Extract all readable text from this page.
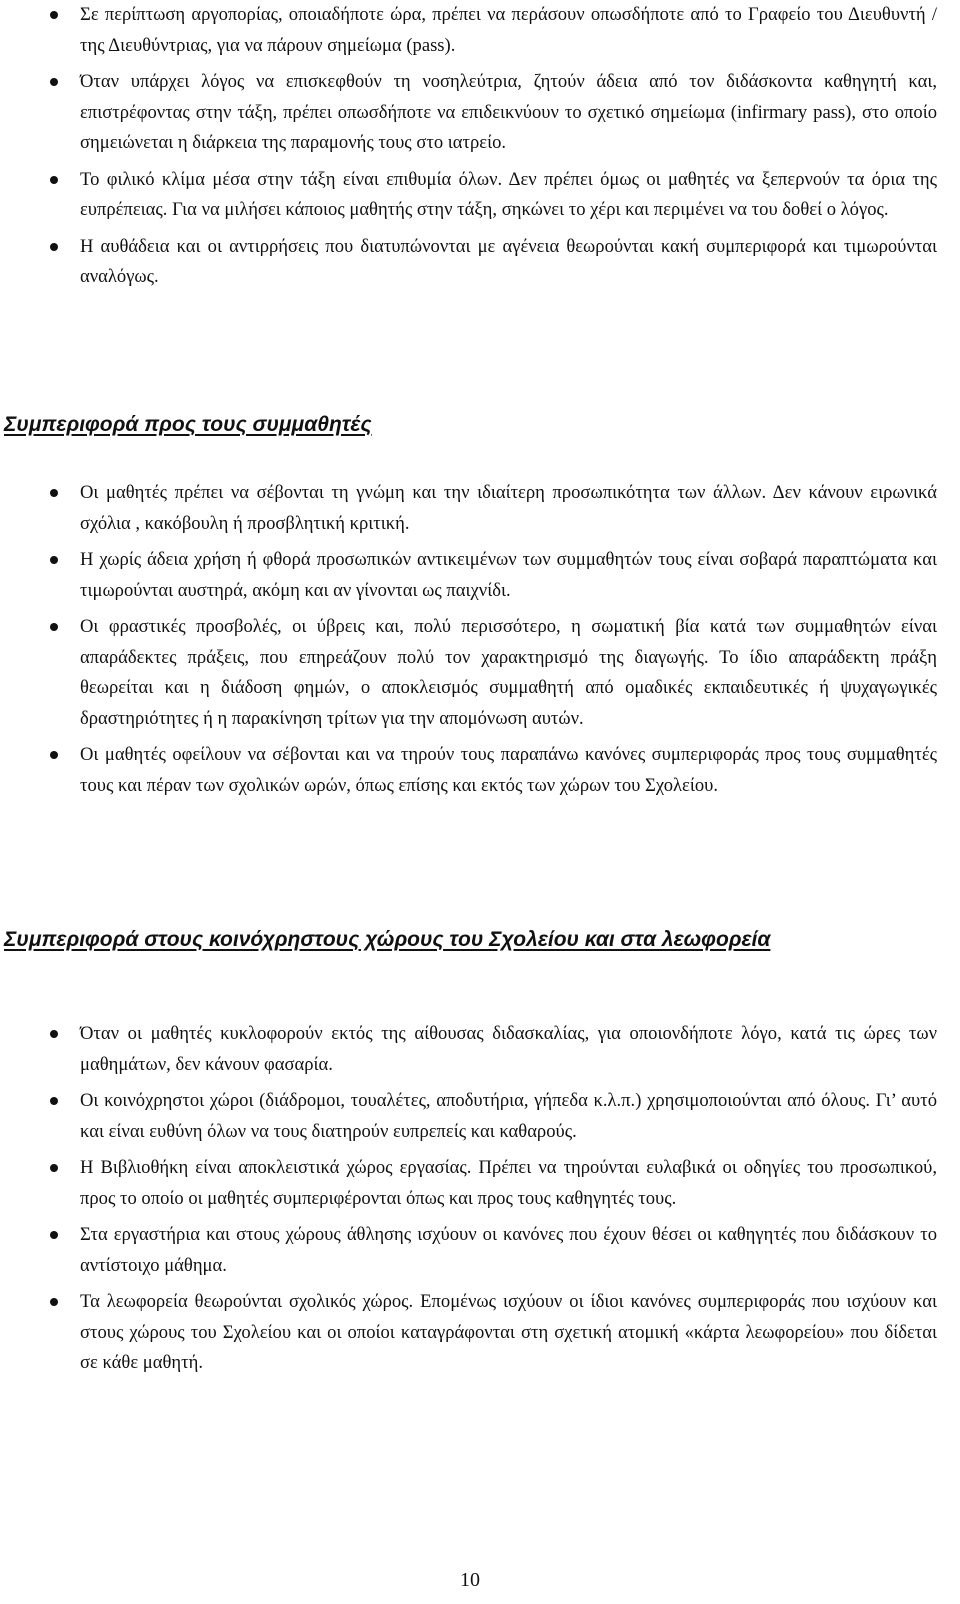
Σε περίπτωση αργοπορίας, οποιαδήποτε ώρα, πρέπει να περάσουν οπωσδήποτε από το Γραφείο του Διευθυντή / της Διευθύντριας, για να πάρουν σημείωμα (pass).
Όταν υπάρχει λόγος να επισκεφθούν τη νοσηλεύτρια, ζητούν άδεια από τον διδάσκοντα καθηγητή και, επιστρέφοντας στην τάξη, πρέπει οπωσδήποτε να επιδεικνύουν το σχετικό σημείωμα (infirmary pass), στο οποίο σημειώνεται η διάρκεια της παραμονής τους στο ιατρείο.
Το φιλικό κλίμα μέσα στην τάξη είναι επιθυμία όλων. Δεν πρέπει όμως οι μαθητές να ξεπερνούν τα όρια της ευπρέπειας. Για να μιλήσει κάποιος μαθητής στην τάξη, σηκώνει το χέρι και περιμένει να του δοθεί ο λόγος.
Η αυθάδεια και οι αντιρρήσεις που διατυπώνονται με αγένεια θεωρούνται κακή συμπεριφορά και τιμωρούνται αναλόγως.
Συμπεριφορά προς τους συμμαθητές
Οι μαθητές πρέπει να σέβονται τη γνώμη και την ιδιαίτερη προσωπικότητα των άλλων. Δεν κάνουν ειρωνικά σχόλια , κακόβουλη ή προσβλητική κριτική.
Η χωρίς άδεια χρήση ή φθορά προσωπικών αντικειμένων των συμμαθητών τους είναι σοβαρά παραπτώματα και τιμωρούνται αυστηρά, ακόμη και αν γίνονται ως παιχνίδι.
Οι φραστικές προσβολές, οι ύβρεις και, πολύ περισσότερο, η σωματική βία κατά των συμμαθητών είναι απαράδεκτες πράξεις, που επηρεάζουν πολύ τον χαρακτηρισμό της διαγωγής. Το ίδιο απαράδεκτη πράξη θεωρείται και η διάδοση φημών, ο αποκλεισμός συμμαθητή από ομαδικές εκπαιδευτικές ή ψυχαγωγικές δραστηριότητες ή η παρακίνηση τρίτων για την απομόνωση αυτών.
Οι μαθητές οφείλουν να σέβονται και να τηρούν τους παραπάνω κανόνες συμπεριφοράς προς τους συμμαθητές τους και πέραν των σχολικών ωρών, όπως επίσης και εκτός των χώρων του Σχολείου.
Συμπεριφορά στους κοινόχρηστους χώρους του Σχολείου και στα λεωφορεία
Όταν οι μαθητές κυκλοφορούν εκτός της αίθουσας διδασκαλίας, για οποιονδήποτε λόγο, κατά τις ώρες των μαθημάτων, δεν κάνουν φασαρία.
Οι κοινόχρηστοι χώροι (διάδρομοι, τουαλέτες, αποδυτήρια, γήπεδα κ.λ.π.) χρησιμοποιούνται από όλους. Γι’ αυτό και είναι ευθύνη όλων να τους διατηρούν ευπρεπείς και καθαρούς.
Η Βιβλιοθήκη είναι αποκλειστικά χώρος εργασίας. Πρέπει να τηρούνται ευλαβικά οι οδηγίες του προσωπικού, προς το οποίο οι μαθητές συμπεριφέρονται όπως και προς τους καθηγητές τους.
Στα εργαστήρια και στους χώρους άθλησης ισχύουν οι κανόνες που έχουν θέσει οι καθηγητές που διδάσκουν το αντίστοιχο μάθημα.
Τα λεωφορεία θεωρούνται σχολικός χώρος. Επομένως ισχύουν οι ίδιοι κανόνες συμπεριφοράς που ισχύουν και στους χώρους του Σχολείου και οι οποίοι καταγράφονται στη σχετική ατομική «κάρτα λεωφορείου» που δίδεται σε κάθε μαθητή.
10
